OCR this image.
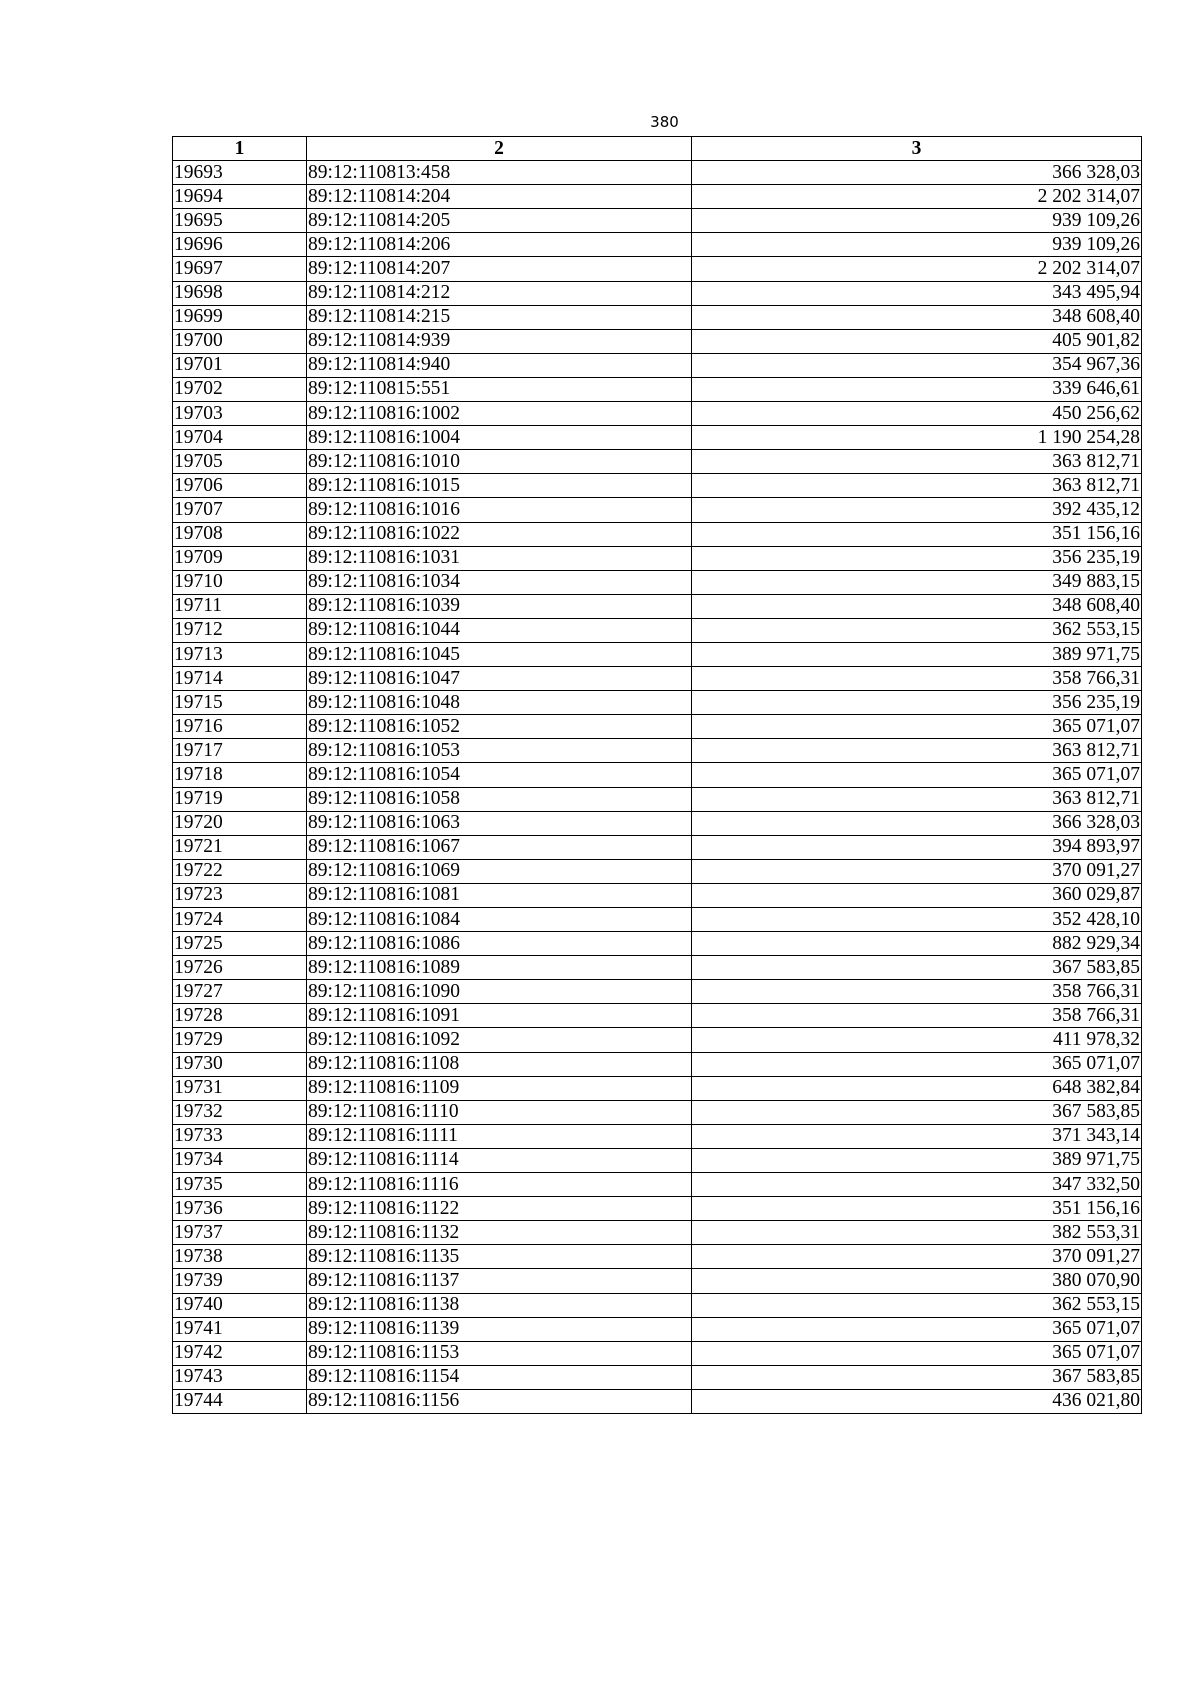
380
1	2	3
19693	89:12:110813:458	366 328,03
19694	89:12:110814:204	2 202 314,07
19695	89:12:110814:205	939 109,26
19696	89:12:110814:206	939 109,26
19697	89:12:110814:207	2 202 314,07
19698	89:12:110814:212	343 495,94
19699	89:12:110814:215	348 608,40
19700	89:12:110814:939	405 901,82
19701	89:12:110814:940	354 967,36
19702	89:12:110815:551	339 646,61
19703	89:12:110816:1002	450 256,62
19704	89:12:110816:1004	1 190 254,28
19705	89:12:110816:1010	363 812,71
19706	89:12:110816:1015	363 812,71
19707	89:12:110816:1016	392 435,12
19708	89:12:110816:1022	351 156,16
19709	89:12:110816:1031	356 235,19
19710	89:12:110816:1034	349 883,15
19711	89:12:110816:1039	348 608,40
19712	89:12:110816:1044	362 553,15
19713	89:12:110816:1045	389 971,75
19714	89:12:110816:1047	358 766,31
19715	89:12:110816:1048	356 235,19
19716	89:12:110816:1052	365 071,07
19717	89:12:110816:1053	363 812,71
19718	89:12:110816:1054	365 071,07
19719	89:12:110816:1058	363 812,71
19720	89:12:110816:1063	366 328,03
19721	89:12:110816:1067	394 893,97
19722	89:12:110816:1069	370 091,27
19723	89:12:110816:1081	360 029,87
19724	89:12:110816:1084	352 428,10
19725	89:12:110816:1086	882 929,34
19726	89:12:110816:1089	367 583,85
19727	89:12:110816:1090	358 766,31
19728	89:12:110816:1091	358 766,31
19729	89:12:110816:1092	411 978,32
19730	89:12:110816:1108	365 071,07
19731	89:12:110816:1109	648 382,84
19732	89:12:110816:1110	367 583,85
19733	89:12:110816:1111	371 343,14
19734	89:12:110816:1114	389 971,75
19735	89:12:110816:1116	347 332,50
19736	89:12:110816:1122	351 156,16
19737	89:12:110816:1132	382 553,31
19738	89:12:110816:1135	370 091,27
19739	89:12:110816:1137	380 070,90
19740	89:12:110816:1138	362 553,15
19741	89:12:110816:1139	365 071,07
19742	89:12:110816:1153	365 071,07
19743	89:12:110816:1154	367 583,85
19744	89:12:110816:1156	436 021,80
